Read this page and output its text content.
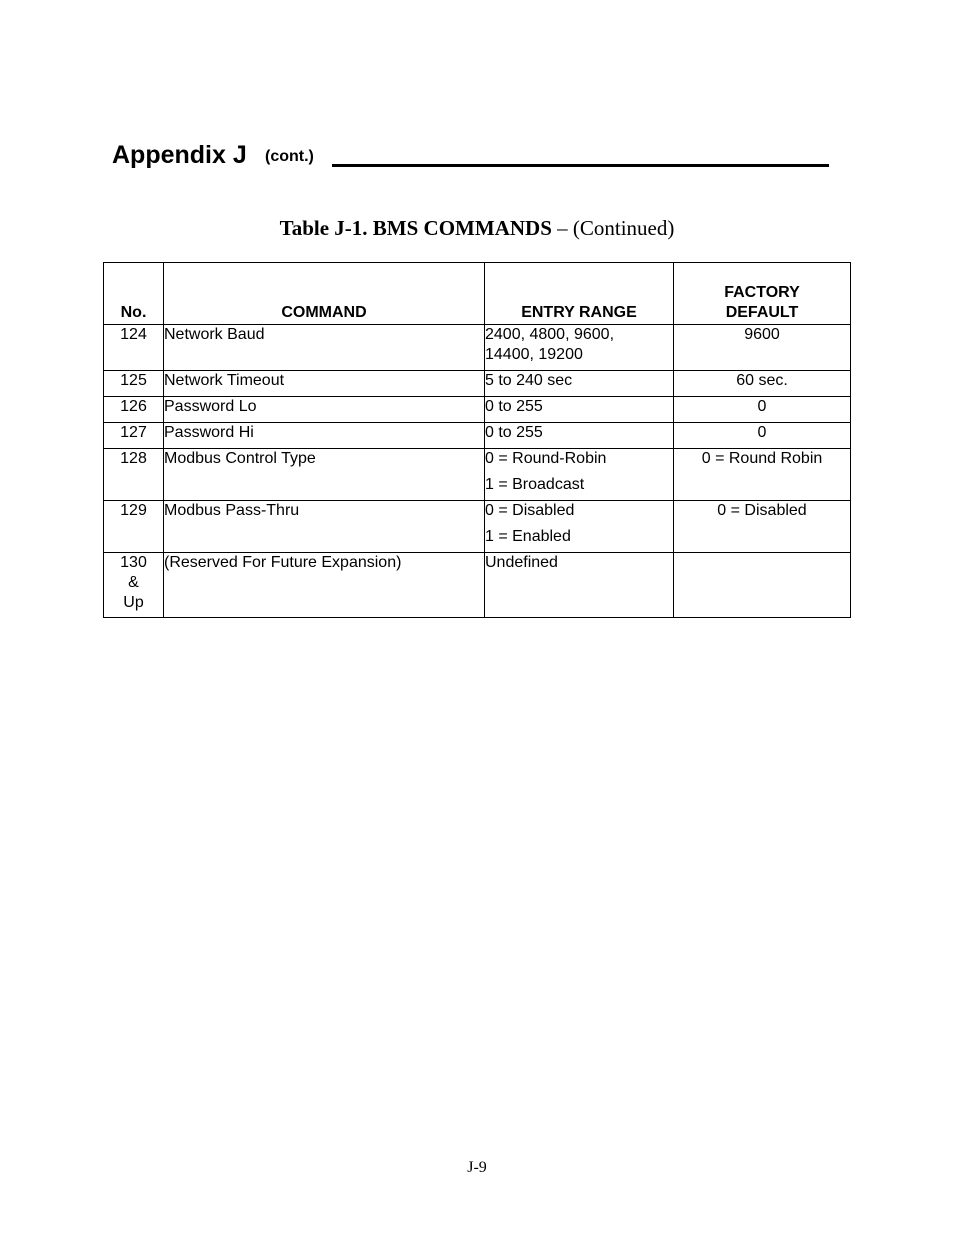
Appendix J (cont.)
Table J-1. BMS COMMANDS – (Continued)
No.	COMMAND	ENTRY RANGE	FACTORY
DEFAULT

124	Network Baud	2400, 4800, 9600,
14400, 19200	9600

125	Network Timeout	5 to 240 sec	60 sec.

126	Password Lo	0 to 255	0

127	Password Hi	0 to 255	0

128	Modbus Control Type	0 = Round-Robin
1 = Broadcast	0 = Round Robin

129	Modbus Pass-Thru	0 = Disabled
1 = Enabled	0 = Disabled

130
&
Up	(Reserved For Future Expansion)	Undefined	

J-9
